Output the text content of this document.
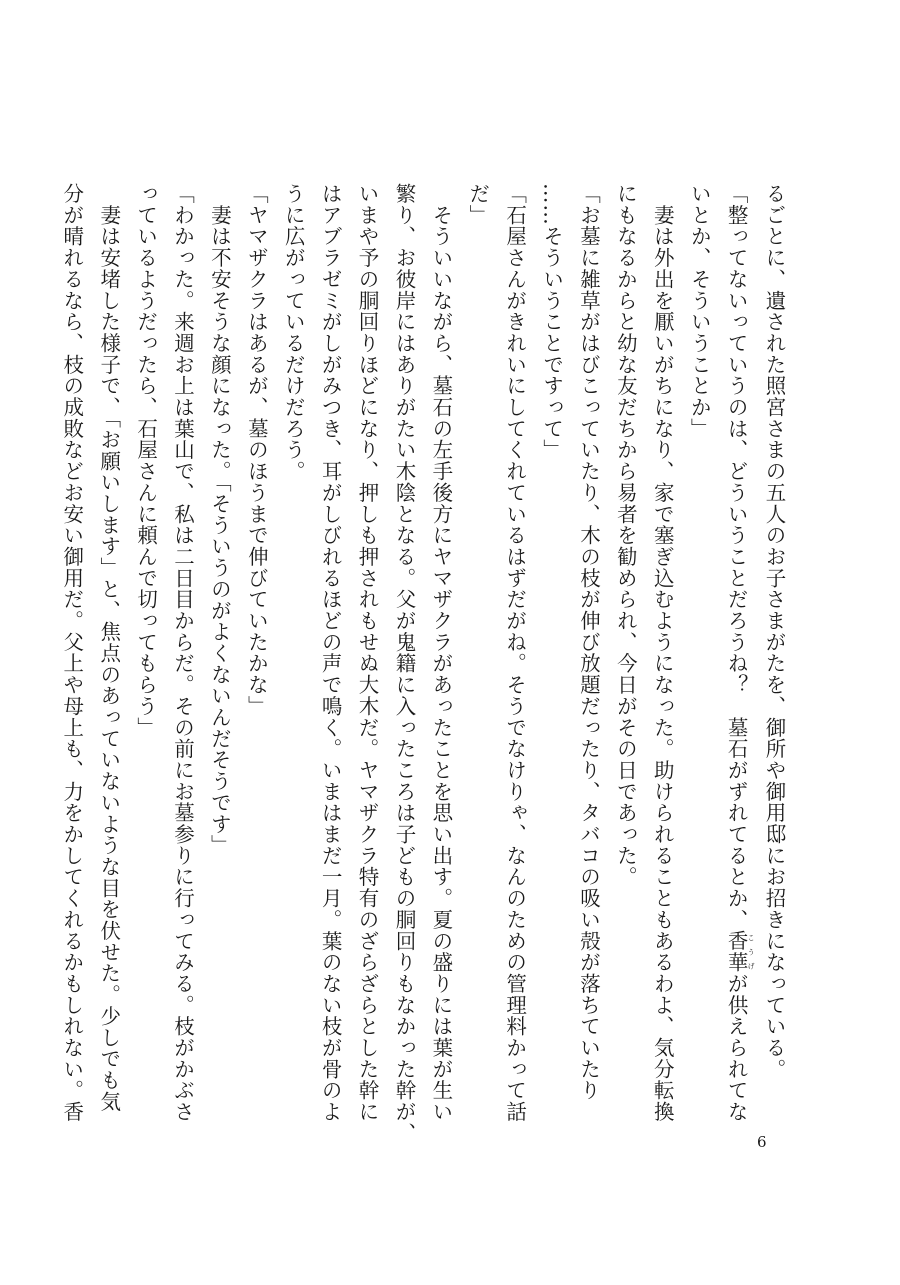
るごとに、遺された照宮さまの五人のお子さまがたを、御所や御用邸にお招きになっている。

「整ってないっていうのは、どういうことだろうね？　墓石がずれてるとか、香華 こうげが供えられてな

いとか、そういうことか」

　妻は外出を厭いがちになり、家で塞ぎ込むようになった。助けられることもあるわよ、気分転換

にもなるからと幼な友だちから易者を勧められ、今日がその日であった。

「お墓に雑草がはびこっていたり、木の枝が伸び放題だったり、タバコの吸い殻が落ちていたり

……そういうことですって」

「石屋さんがきれいにしてくれているはずだがね。そうでなけりゃ、なんのための管理料かって話

だ」

　そういいながら、墓石の左手後方にヤマザクラがあったことを思い出す。夏の盛りには葉が生い

繁り、お彼岸にはありがたい木陰となる。父が鬼籍に入ったころは子どもの胴回りもなかった幹が、

いまや予の胴回りほどになり、押しも押されもせぬ大木だ。ヤマザクラ特有のざらざらとした幹に

はアブラゼミがしがみつき、耳がしびれるほどの声で鳴く。いまはまだ一月。葉のない枝が骨のよ

うに広がっているだけだろう。

「ヤマザクラはあるが、墓のほうまで伸びていたかな」

　妻は不安そうな顔になった。「そういうのがよくないんだそうです」

「わかった。来週お上は葉山で、私は二日目からだ。その前にお墓参りに行ってみる。枝がかぶさ

っているようだったら、石屋さんに頼んで切ってもらう」

　妻は安堵した様子で、「お願いします」と、焦点のあっていないような目を伏せた。少しでも気

分が晴れるなら、枝の成敗などお安い御用だ。父上や母上も、力をかしてくれるかもしれない。香

6
